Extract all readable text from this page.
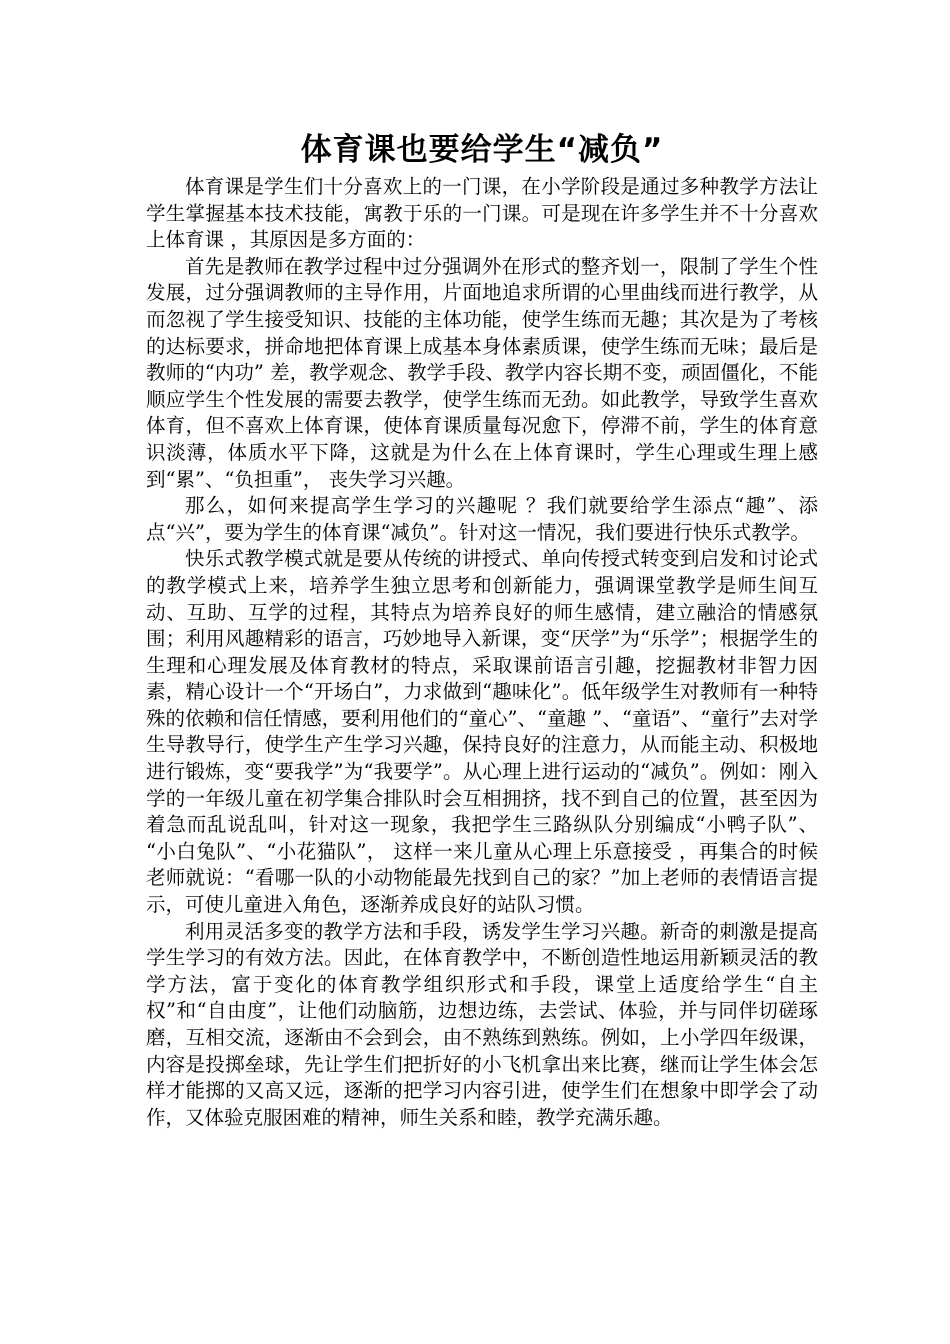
体育课也要给学生“减负”

体育课是学生们十分喜欢上的一门课，在小学阶段是通过多种教学方法让学生掌握基本技术技能，寓教于乐的一门课。可是现在许多学生并不十分喜欢上体育课 ，其原因是多方面的：

首先是教师在教学过程中过分强调外在形式的整齐划一，限制了学生个性发展，过分强调教师的主导作用，片面地追求所谓的心里曲线而进行教学，从而忽视了学生接受知识、技能的主体功能，使学生练而无趣；其次是为了考核的达标要求，拼命地把体育课上成基本身体素质课，使学生练而无味；最后是教师的“内功” 差，教学观念、教学手段、教学内容长期不变，顽固僵化，不能顺应学生个性发展的需要去教学，使学生练而无劲。如此教学，导致学生喜欢体育，但不喜欢上体育课，使体育课质量每况愈下，停滞不前，学生的体育意识淡薄，体质水平下降，这就是为什么在上体育课时，学生心理或生理上感到“累”、“负担重”， 丧失学习兴趣。

那么，如何来提高学生学习的兴趣呢 ？我们就要给学生添点“趣”、添点“兴”，要为学生的体育课“减负”。针对这一情况，我们要进行快乐式教学。

快乐式教学模式就是要从传统的讲授式、单向传授式转变到启发和讨论式的教学模式上来，培养学生独立思考和创新能力，强调课堂教学是师生间互动、互助、互学的过程，其特点为培养良好的师生感情，建立融洽的情感氛围；利用风趣精彩的语言，巧妙地导入新课，变“厌学”为“乐学”；根据学生的生理和心理发展及体育教材的特点，采取课前语言引趣，挖掘教材非智力因素，精心设计一个“开场白”，力求做到“趣味化”。低年级学生对教师有一种特殊的依赖和信任情感，要利用他们的“童心”、“童趣 ”、“童语”、“童行”去对学生导教导行，使学生产生学习兴趣，保持良好的注意力，从而能主动、积极地进行锻炼，变“要我学”为“我要学”。从心理上进行运动的“减负”。例如：刚入学的一年级儿童在初学集合排队时会互相拥挤，找不到自己的位置，甚至因为着急而乱说乱叫，针对这一现象，我把学生三路纵队分别编成“小鸭子队”、 “小白兔队”、“小花猫队”， 这样一来儿童从心理上乐意接受 ，再集合的时候老师就说：“看哪一队的小动物能最先找到自己的家？”加上老师的表情语言提示，可使儿童进入角色，逐渐养成良好的站队习惯。

利用灵活多变的教学方法和手段，诱发学生学习兴趣。新奇的刺激是提高学生学习的有效方法。因此，在体育教学中，不断创造性地运用新颖灵活的教学方法，富于变化的体育教学组织形式和手段，课堂上适度给学生“自主权”和“自由度”，让他们动脑筋，边想边练，去尝试、体验，并与同伴切磋琢磨，互相交流，逐渐由不会到会，由不熟练到熟练。例如，上小学四年级课，内容是投掷垒球，先让学生们把折好的小飞机拿出来比赛，继而让学生体会怎样才能掷的又高又远，逐渐的把学习内容引进，使学生们在想象中即学会了动作，又体验克服困难的精神，师生关系和睦，教学充满乐趣。
